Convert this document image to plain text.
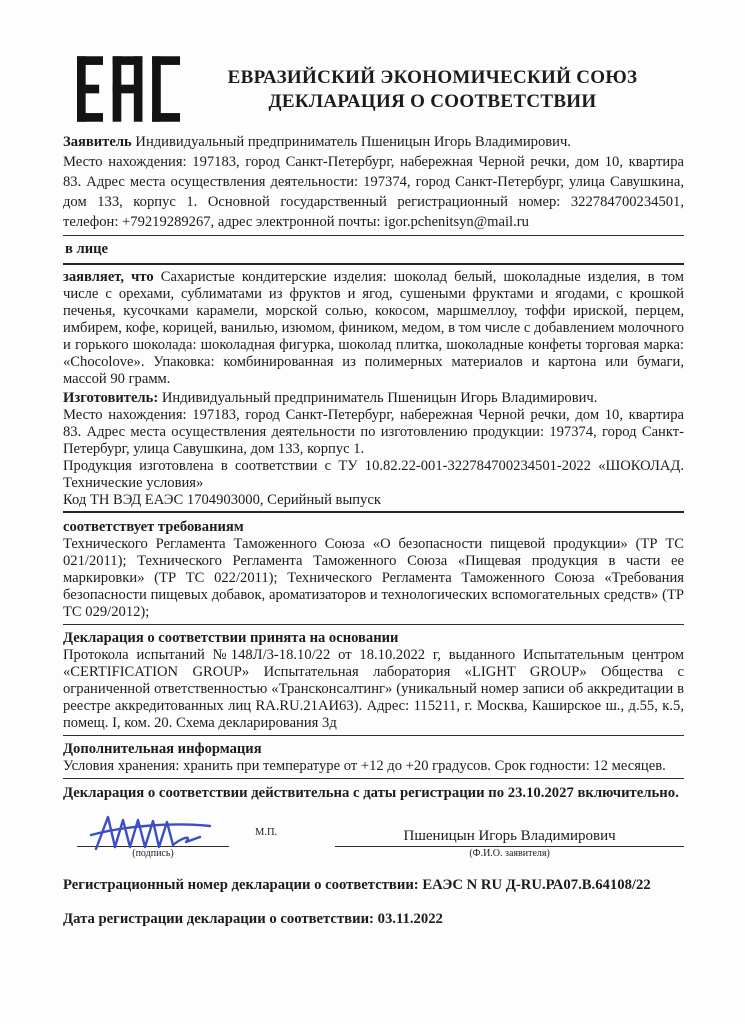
ЕВРАЗИЙСКИЙ ЭКОНОМИЧЕСКИЙ СОЮЗ
ДЕКЛАРАЦИЯ О СООТВЕТСТВИИ
Заявитель Индивидуальный предприниматель Пшеницын Игорь Владимирович.
Место нахождения: 197183, город Санкт-Петербург, набережная Черной речки, дом 10, квартира 83. Адрес места осуществления деятельности: 197374, город Санкт-Петербург, улица Савушкина, дом 133, корпус 1. Основной государственный регистрационный номер: 322784700234501, телефон: +79219289267, адрес электронной почты: igor.pchenitsyn@mail.ru
в лице
заявляет, что Сахаристые кондитерские изделия: шоколад белый, шоколадные изделия, в том числе с орехами, сублиматами из фруктов и ягод, сушеными фруктами и ягодами, с крошкой печенья, кусочками карамели, морской солью, кокосом, маршмеллоу, тоффи ириской, перцем, имбирем, кофе, корицей, ванилью, изюмом, фиником, медом, в том числе с добавлением молочного и горького шоколада: шоколадная фигурка, шоколад плитка, шоколадные конфеты торговая марка: «Chocolove». Упаковка: комбинированная из полимерных материалов и картона или бумаги, массой 90 грамм.
Изготовитель: Индивидуальный предприниматель Пшеницын Игорь Владимирович.
Место нахождения: 197183, город Санкт-Петербург, набережная Черной речки, дом 10, квартира 83. Адрес места осуществления деятельности по изготовлению продукции: 197374, город Санкт-Петербург, улица Савушкина, дом 133, корпус 1.
Продукция изготовлена в соответствии с ТУ 10.82.22-001-322784700234501-2022 «ШОКОЛАД. Технические условия»
Код ТН ВЭД ЕАЭС 1704903000, Серийный выпуск
соответствует требованиям
Технического Регламента Таможенного Союза «О безопасности пищевой продукции» (ТР ТС 021/2011); Технического Регламента Таможенного Союза «Пищевая продукция в части ее маркировки» (ТР ТС 022/2011); Технического Регламента Таможенного Союза «Требования безопасности пищевых добавок, ароматизаторов и технологических вспомогательных средств» (ТР ТС 029/2012);
Декларация о соответствии принята на основании
Протокола испытаний №148Л/3-18.10/22 от 18.10.2022 г, выданного Испытательным центром «CERTIFICATION GROUP» Испытательная лаборатория «LIGHT GROUP» Общества с ограниченной ответственностью «Трансконсалтинг» (уникальный номер записи об аккредитации в реестре аккредитованных лиц RA.RU.21АИ63). Адрес: 115211, г. Москва, Каширское ш., д.55, к.5, помещ. I, ком. 20. Схема декларирования 3д
Дополнительная информация
Условия хранения: хранить при температуре от +12 до +20 градусов. Срок годности: 12 месяцев.
Декларация о соответствии действительна с даты регистрации по 23.10.2027 включительно.
(подпись)
М.П.	Пшеницын Игорь Владимирович
(Ф.И.О. заявителя)
Регистрационный номер декларации о соответствии: ЕАЭС N RU Д-RU.РА07.В.64108/22
Дата регистрации декларации о соответствии: 03.11.2022
